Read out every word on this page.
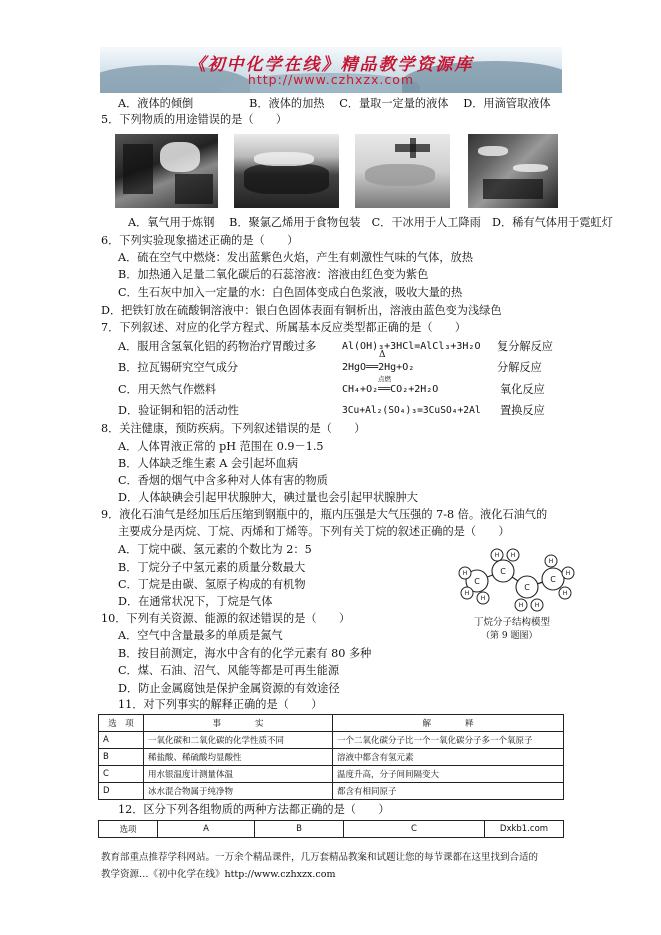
《初中化学在线》精品教学资源库
http://www.czhxzx.com
A．液体的倾倒　　　　　B．液体的加热　 C．量取一定量的液体　 D．用滴管取液体
5．下列物质的用途错误的是（　　）
A．氧气用于炼钢　 B．聚氯乙烯用于食物包装　C．干冰用于人工降雨　D．稀有气体用于霓虹灯
6．下列实验现象描述正确的是（　　）
A．硫在空气中燃烧：发出蓝紫色火焰，产生有刺激性气味的气体，放热
B．加热通入足量二氧化碳后的石蕊溶液：溶液由红色变为紫色
C．生石灰中加入一定量的水：白色固体变成白色浆液，吸收大量的热
D．把铁钉放在硫酸铜溶液中：银白色固体表面有铜析出，溶液由蓝色变为浅绿色
7．下列叙述、对应的化学方程式、所属基本反应类型都正确的是（　　）
A．服用含氢氧化铝的药物治疗胃酸过多	Al(OH)₃+3HCl=AlCl₃+3H₂O 复分解反应
Δ
B．拉瓦锡研究空气成分	2HgO══2Hg+O₂	分解反应
点燃
C．用天然气作燃料	CH₄+O₂══CO₂+2H₂O	氧化反应
D．验证铜和铝的活动性	3Cu+Al₂(SO₄)₃=3CuSO₄+2Al 置换反应
8．关注健康，预防疾病。下列叙述错误的是（　　）
A．人体胃液正常的 pH 范围在 0.9－1.5
B．人体缺乏维生素 A 会引起坏血病
C．香烟的烟气中含多种对人体有害的物质
D．人体缺碘会引起甲状腺肿大，碘过量也会引起甲状腺肿大
9．液化石油气是经加压后压缩到钢瓶中的，瓶内压强是大气压强的 7-8 倍。液化石油气的
主要成分是丙烷、丁烷、丙烯和丁烯等。下列有关丁烷的叙述正确的是（　　）
A．丁烷中碳、氢元素的个数比为 2：5
B．丁烷分子中氢元素的质量分数最大
C．丁烷是由碳、氢原子构成的有机物
D．在通常状况下，丁烷是气体
C
C
C
C
H
H
H
H H
H H
H
H
H
丁烷分子结构模型
（第 9 题图）
10．下列有关资源、能源的叙述错误的是（　　）
A．空气中含量最多的单质是氮气
B．按目前测定，海水中含有的化学元素有 80 多种
C．煤、石油、沼气、风能等都是可再生能源
D．防止金属腐蚀是保护金属资源的有效途径
11．对下列事实的解释正确的是（　　）
选　项	事　　　　实	解　　　　释
A	一氧化碳和二氧化碳的化学性质不同	一个二氧化碳分子比一个一氧化碳分子多一个氧原子
B	稀盐酸、稀硫酸均显酸性	溶液中都含有氢元素
C	用水银温度计测量体温	温度升高，分子间间隔变大
D	冰水混合物属于纯净物	都含有相同原子
12．区分下列各组物质的两种方法都正确的是（　　）
选项	A	B	C	Dxkb1.com
教育部重点推荐学科网站。一万余个精品课件，几万套精品教案和试题让您的每节课都在这里找到合适的
教学资源…《初中化学在线》http://www.czhxzx.com
